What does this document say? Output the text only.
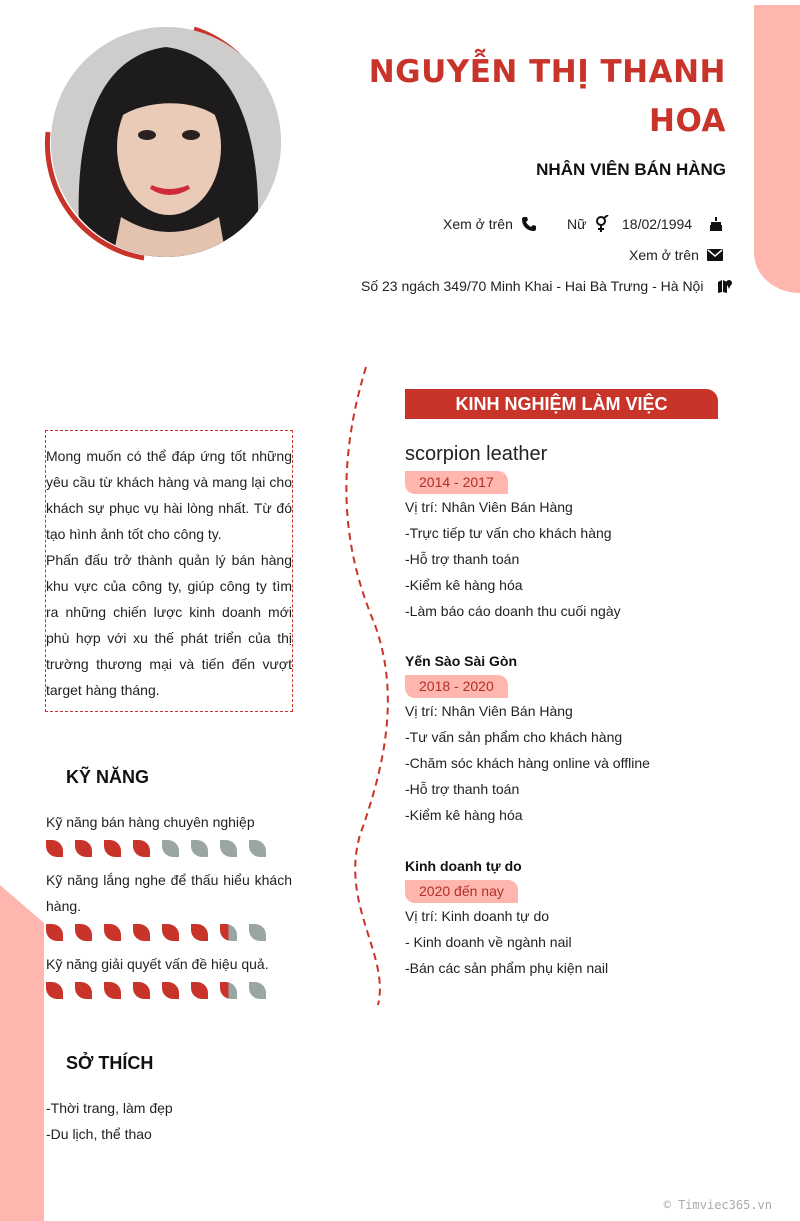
NGUYỄN THỊ THANH HOA
NHÂN VIÊN BÁN HÀNG
Xem ở trên	Nữ	18/02/1994
Xem ở trên
Số 23 ngách 349/70 Minh Khai - Hai Bà Trưng - Hà Nội

Mong muốn có thể đáp ứng tốt những yêu cầu từ khách hàng và mang lại cho khách sự phục vụ hài lòng nhất. Từ đó tạo hình ảnh tốt cho công ty.

Phấn đấu trở thành quản lý bán hàng khu vực của công ty, giúp công ty tìm ra những chiến lược kinh doanh mới phù hợp với xu thế phát triển của thị trường thương mại và tiến đến vượt target hàng tháng.

KỸ NĂNG
Kỹ năng bán hàng chuyên nghiệp
Kỹ năng lắng nghe để thấu hiểu khách hàng.
Kỹ năng giải quyết vấn đề hiệu quả.
SỞ THÍCH
-Thời trang, làm đẹp
-Du lịch, thể thao
KINH NGHIỆM LÀM VIỆC
scorpion leather
2014 - 2017
Vị trí: Nhân Viên Bán Hàng
-Trực tiếp tư vấn cho khách hàng
-Hỗ trợ thanh toán
-Kiểm kê hàng hóa
-Làm báo cáo doanh thu cuối ngày
Yến Sào Sài Gòn
2018 - 2020
Vị trí: Nhân Viên Bán Hàng
-Tư vấn sản phẩm cho khách hàng
-Chăm sóc khách hàng online và offline
-Hỗ trợ thanh toán
-Kiểm kê hàng hóa
Kinh doanh tự do
2020 đến nay
Vị trí: Kinh doanh tự do
- Kinh doanh về ngành nail
-Bán các sản phẩm phụ kiện nail
© Timviec365.vn
